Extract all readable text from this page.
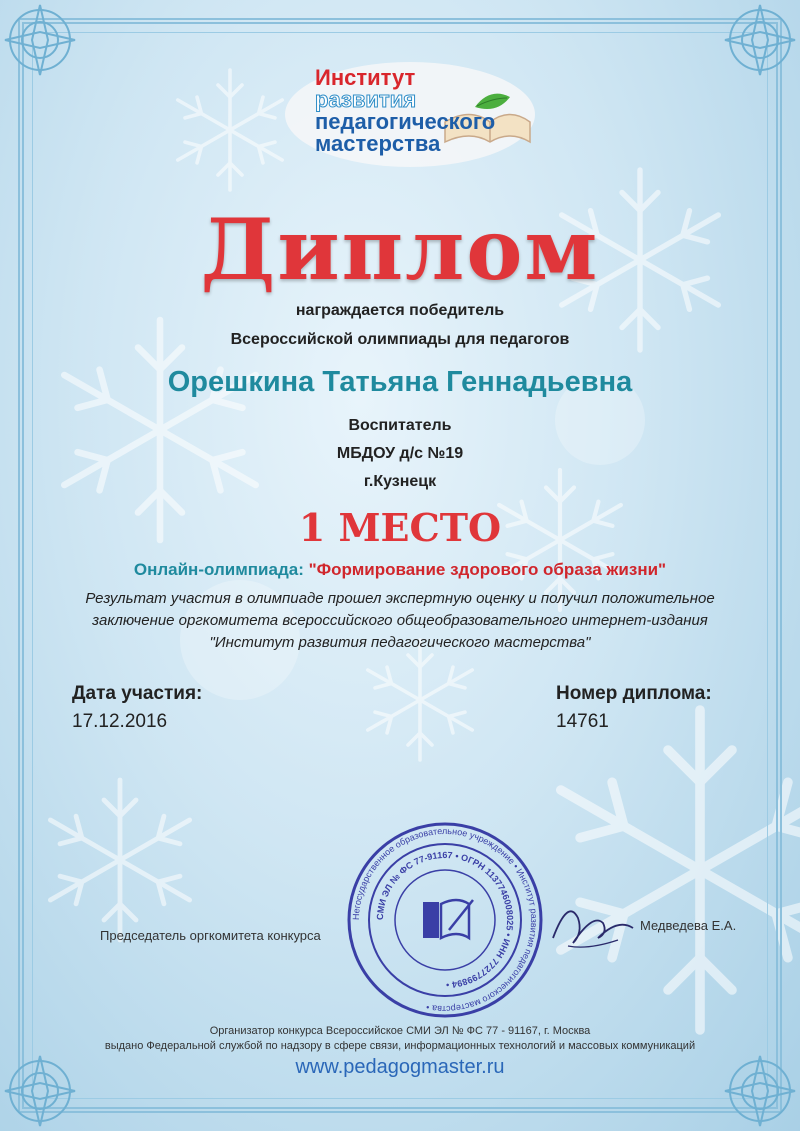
Институт
развития
педагогического
мастерства
Диплом
награждается победитель
Всероссийской олимпиады для педагогов
Орешкина Татьяна Геннадьевна
Воспитатель
МБДОУ д/с №19
г.Кузнецк
1 МЕСТО
Онлайн-олимпиада: "Формирование здорового образа жизни"
Результат участия в олимпиаде прошел экспертную оценку и получил положительное
заключение оргкомитета всероссийского общеобразовательного интернет-издания
"Институт развития педагогического мастерства"
Дата участия:
17.12.2016
Номер диплома:
14761
Председатель оргкомитета конкурса
Негосударственное образовательное учреждение • Институт развития педагогического мастерства •
СМИ ЭЛ № ФС 77-91167 • ОГРН 1137746008025 • ИНН 7727799894 •
Медведева Е.А.
Организатор конкурса Всероссийское СМИ ЭЛ № ФС 77 - 91167, г. Москва
выдано Федеральной службой по надзору в сфере связи, информационных технологий и массовых коммуникаций
www.pedagogmaster.ru
